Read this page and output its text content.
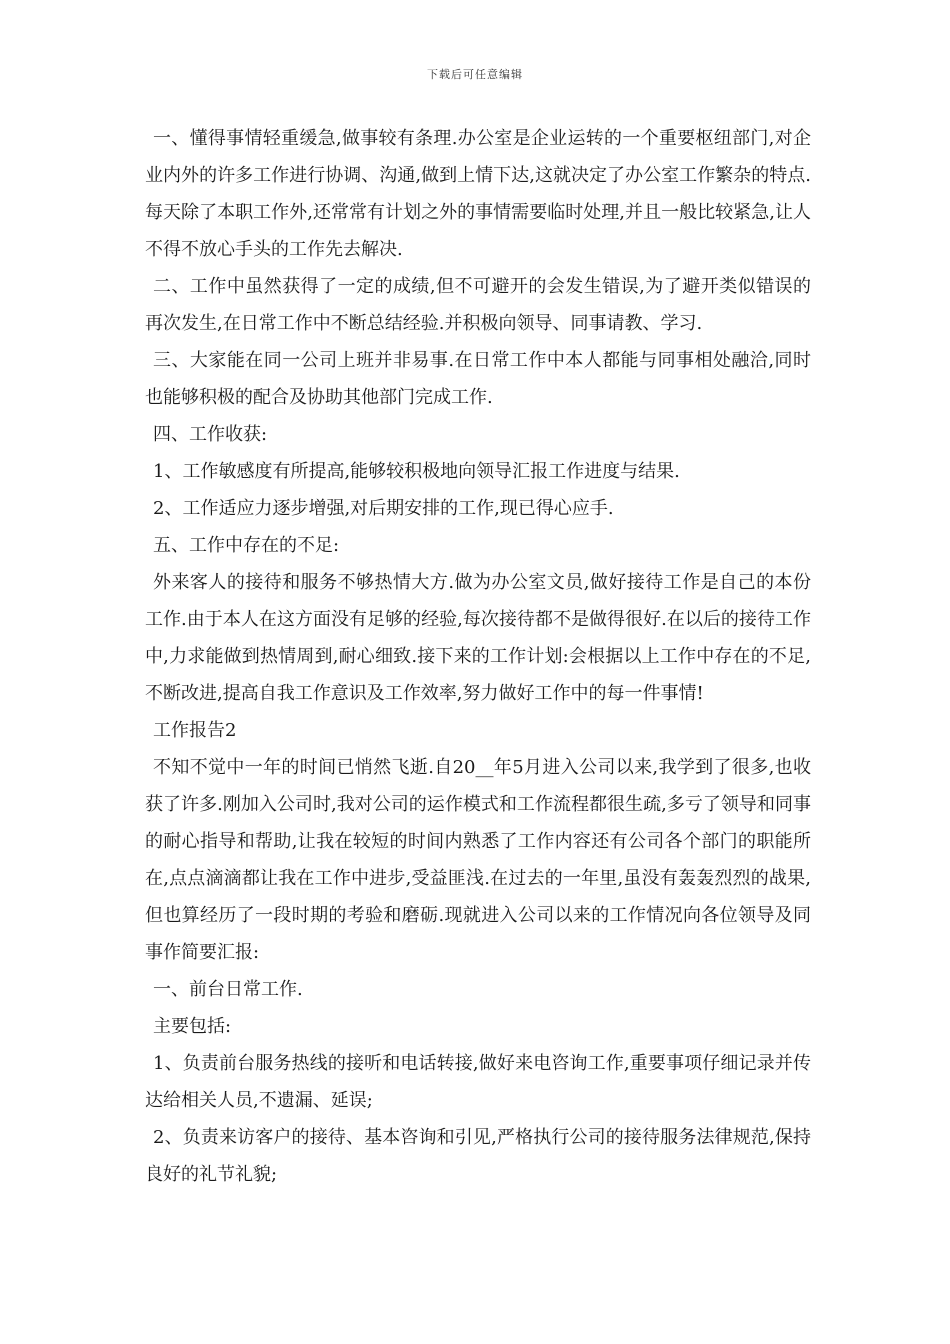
下载后可任意编辑

一、懂得事情轻重缓急,做事较有条理.办公室是企业运转的一个重要枢纽部门,对企业内外的许多工作进行协调、沟通,做到上情下达,这就决定了办公室工作繁杂的特点.每天除了本职工作外,还常常有计划之外的事情需要临时处理,并且一般比较紧急,让人不得不放心手头的工作先去解决.

二、工作中虽然获得了一定的成绩,但不可避开的会发生错误,为了避开类似错误的再次发生,在日常工作中不断总结经验.并积极向领导、同事请教、学习.

三、大家能在同一公司上班并非易事.在日常工作中本人都能与同事相处融洽,同时也能够积极的配合及协助其他部门完成工作.

四、工作收获:

1、工作敏感度有所提高,能够较积极地向领导汇报工作进度与结果.

2、工作适应力逐步增强,对后期安排的工作,现已得心应手.

五、工作中存在的不足:

外来客人的接待和服务不够热情大方.做为办公室文员,做好接待工作是自己的本份工作.由于本人在这方面没有足够的经验,每次接待都不是做得很好.在以后的接待工作中,力求能做到热情周到,耐心细致.接下来的工作计划:会根据以上工作中存在的不足,不断改进,提高自我工作意识及工作效率,努力做好工作中的每一件事情!

工作报告2

不知不觉中一年的时间已悄然飞逝.自20__年5月进入公司以来,我学到了很多,也收获了许多.刚加入公司时,我对公司的运作模式和工作流程都很生疏,多亏了领导和同事的耐心指导和帮助,让我在较短的时间内熟悉了工作内容还有公司各个部门的职能所在,点点滴滴都让我在工作中进步,受益匪浅.在过去的一年里,虽没有轰轰烈烈的战果,但也算经历了一段时期的考验和磨砺.现就进入公司以来的工作情况向各位领导及同事作简要汇报:

一、前台日常工作.

主要包括:

1、负责前台服务热线的接听和电话转接,做好来电咨询工作,重要事项仔细记录并传达给相关人员,不遗漏、延误;

2、负责来访客户的接待、基本咨询和引见,严格执行公司的接待服务法律规范,保持良好的礼节礼貌;
